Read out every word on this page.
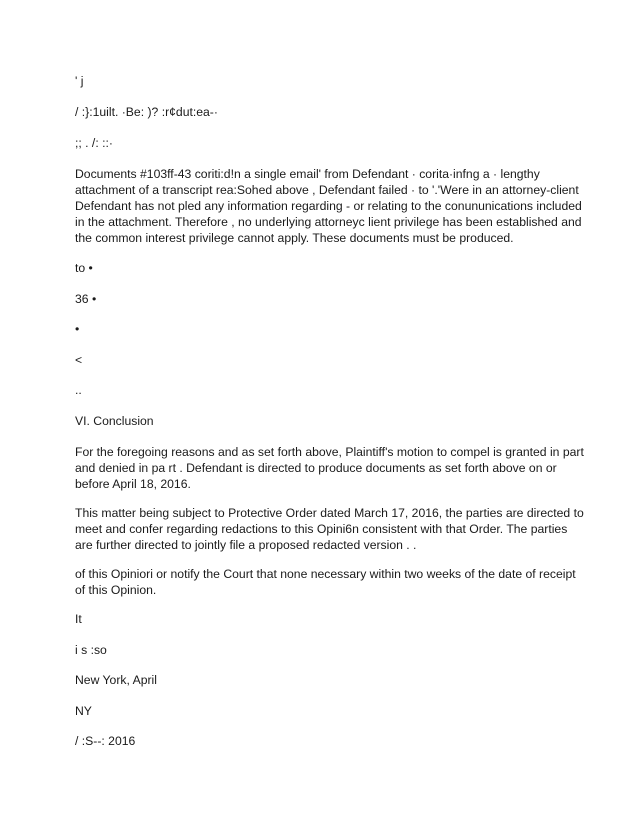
' j

/ :}:1uilt. ·Be: )? :r¢dut:ea-·

;; . /: ::·

Documents #103ff-43 coriti:d!n a single email' from Defendant · corita·infng a · lengthy
attachment of a transcript rea:Sohed above , Defendant failed · to '.'Were in an attorney-client
Defendant has not pled any information regarding - or relating to the conununications included
in the attachment. Therefore , no underlying attorneyc lient privilege has been established and
the common interest privilege cannot apply. These documents must be produced.

to •

36 •

•

<

..

VI. Conclusion

For the foregoing reasons and as set forth above, Plaintiff's motion to compel is granted in part
and denied in pa rt . Defendant is directed to produce documents as set forth above on or
before April 18, 2016.
This matter being subject to Protective Order dated March 17, 2016, the parties are directed to
meet and confer regarding redactions to this Opini6n consistent with that Order. The parties
are further directed to jointly file a proposed redacted version . .
of this Opiniori or notify the Court that none necessary within two weeks of the date of receipt
of this Opinion.

It

i s :so

New York, April

NY

/ :S--: 2016
